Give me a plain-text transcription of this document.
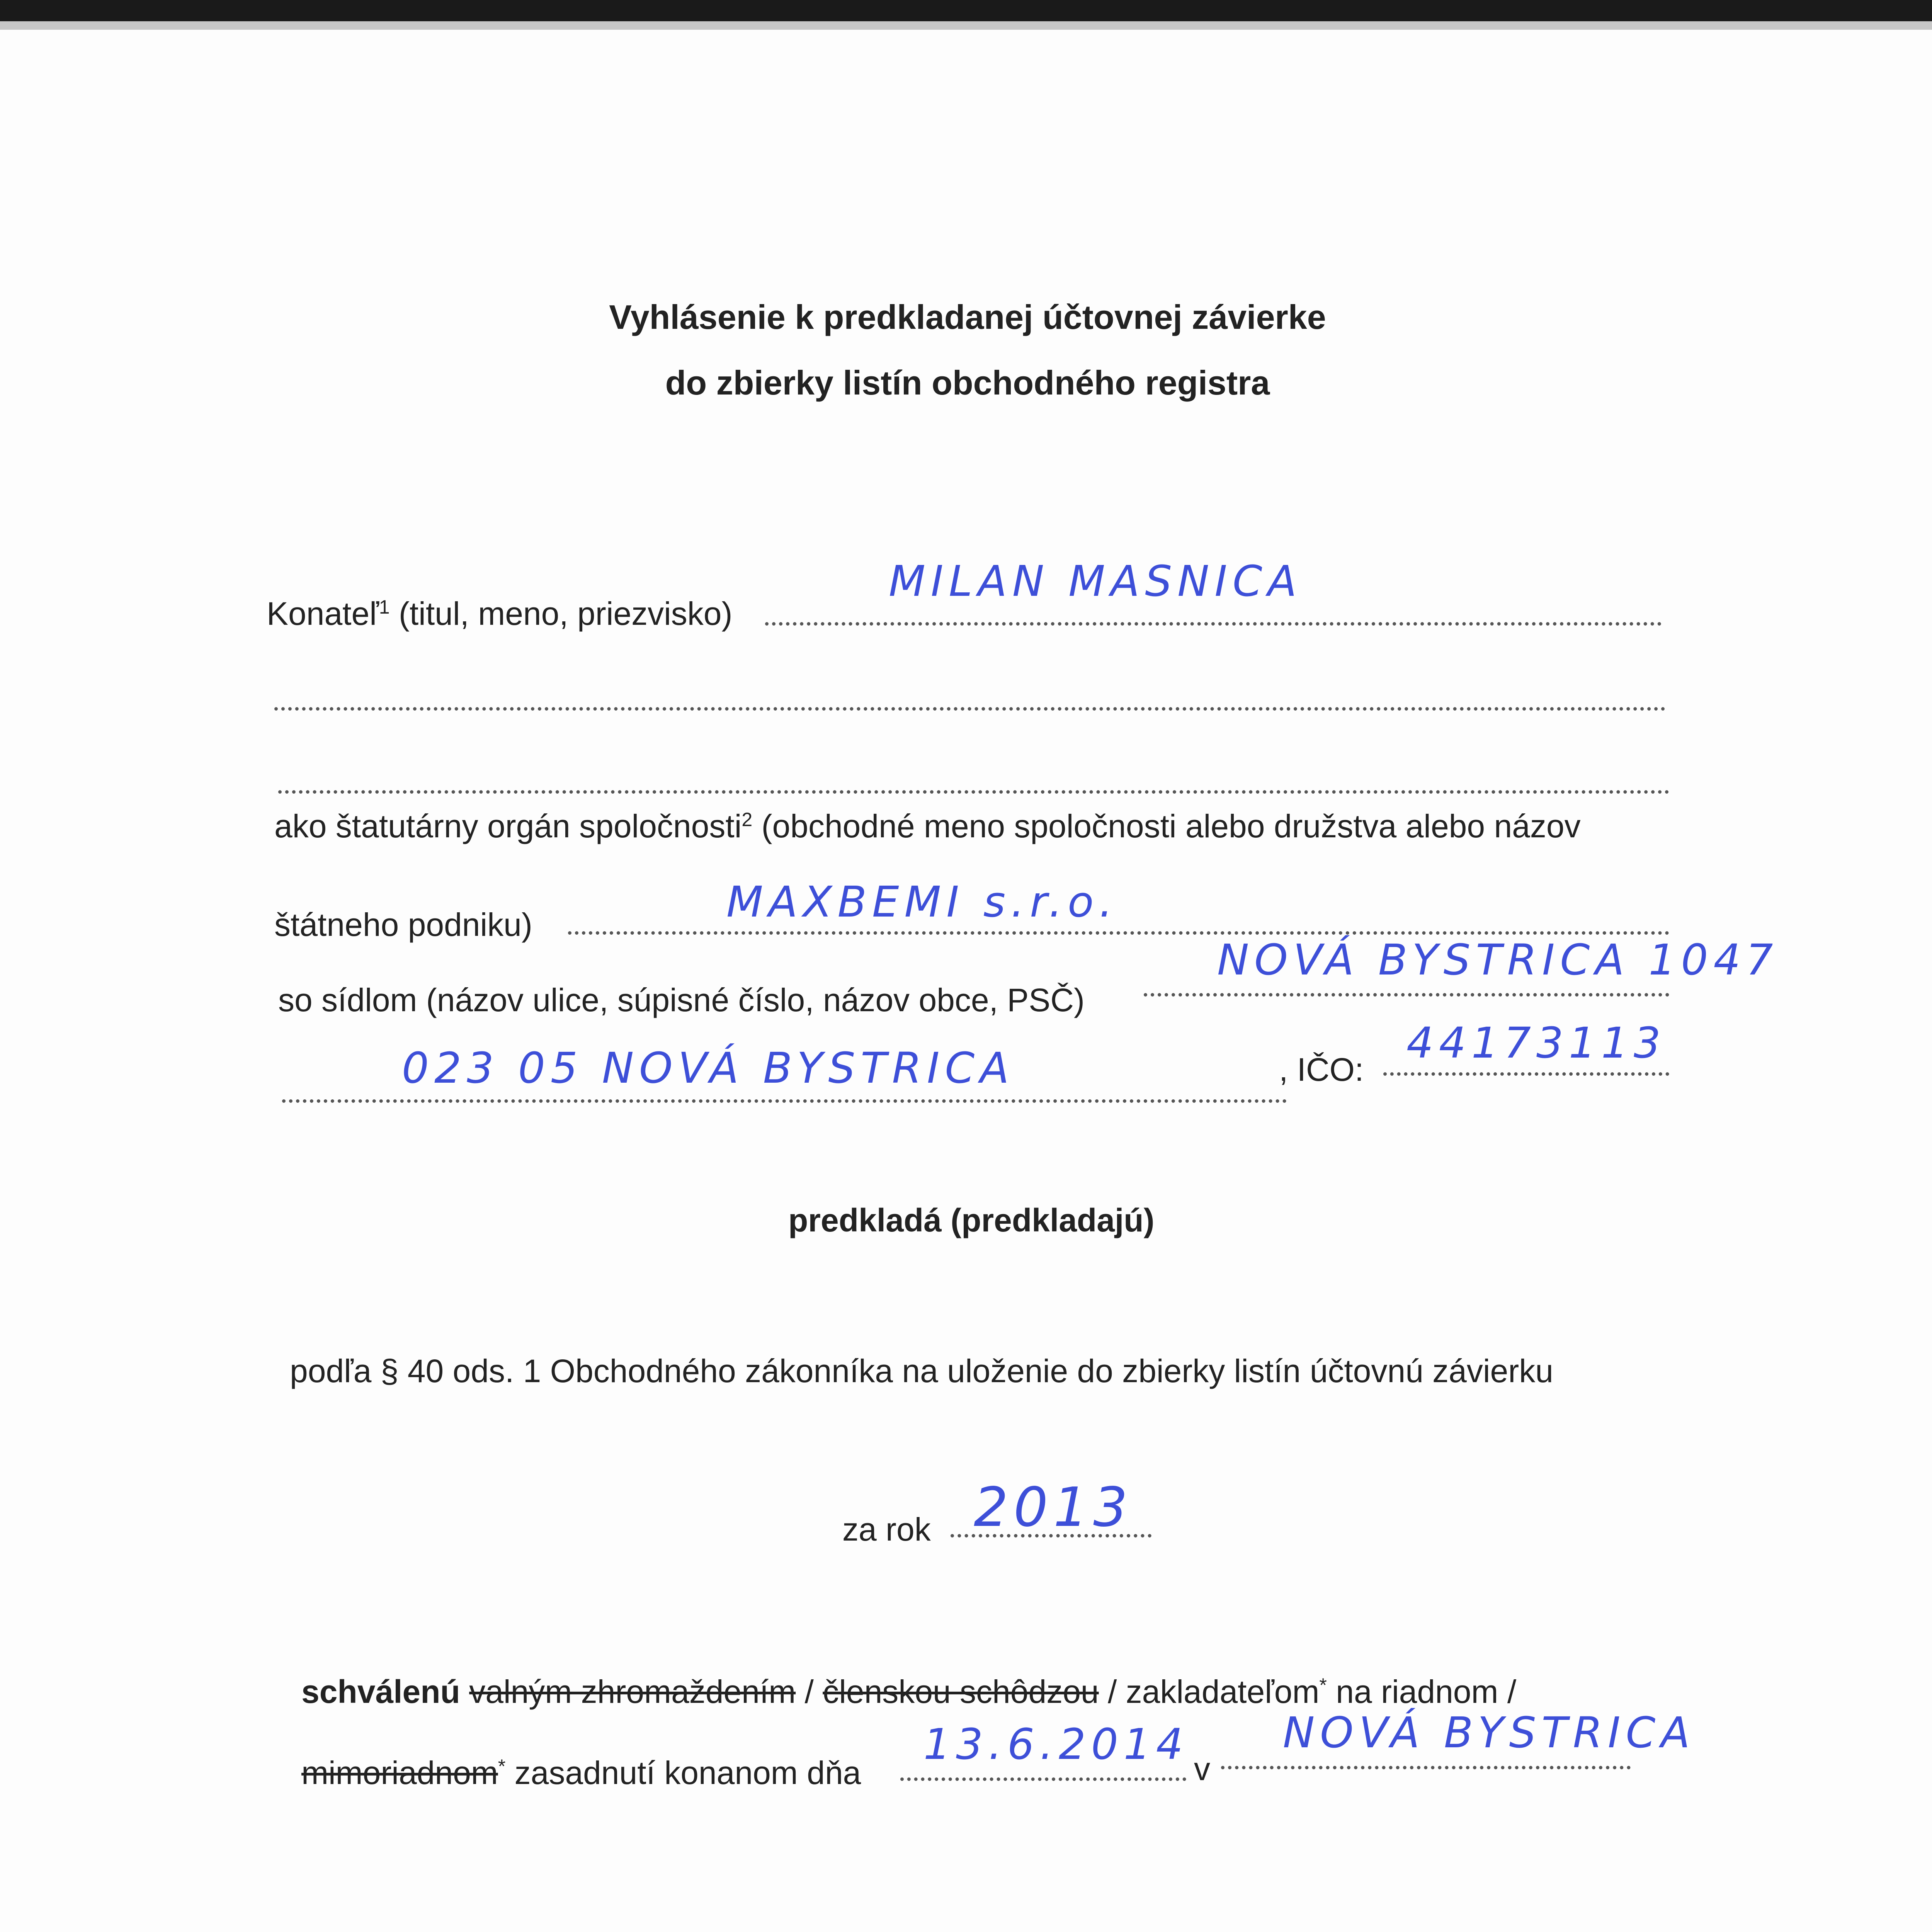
Vyhlásenie k predkladanej účtovnej závierke
do zbierky listín obchodného registra
Konateľ$^1$ (titul, meno, priezvisko)
MILAN MASNICA
ako štatutárny orgán spoločnosti$^2$ (obchodné meno spoločnosti alebo družstva alebo názov
štátneho podniku)	MAXBEMI s.r.o.
so sídlom (názov ulice, súpisné číslo, názov obce, PSČ)
NOVÁ BYSTRICA 1047
023 05 NOVÁ BYSTRICA	, IČO:
44173113
predkladá (predkladajú)
podľa § 40 ods. 1 Obchodného zákonníka na uloženie do zbierky listín účtovnú závierku
za rok 2013
schválenú valným zhromaždením / členskou schôdzou / zakladateľom* na riadnom /
mimoriadnom* zasadnutí konanom dňa
13.6.2014 v
NOVÁ BYSTRICA
